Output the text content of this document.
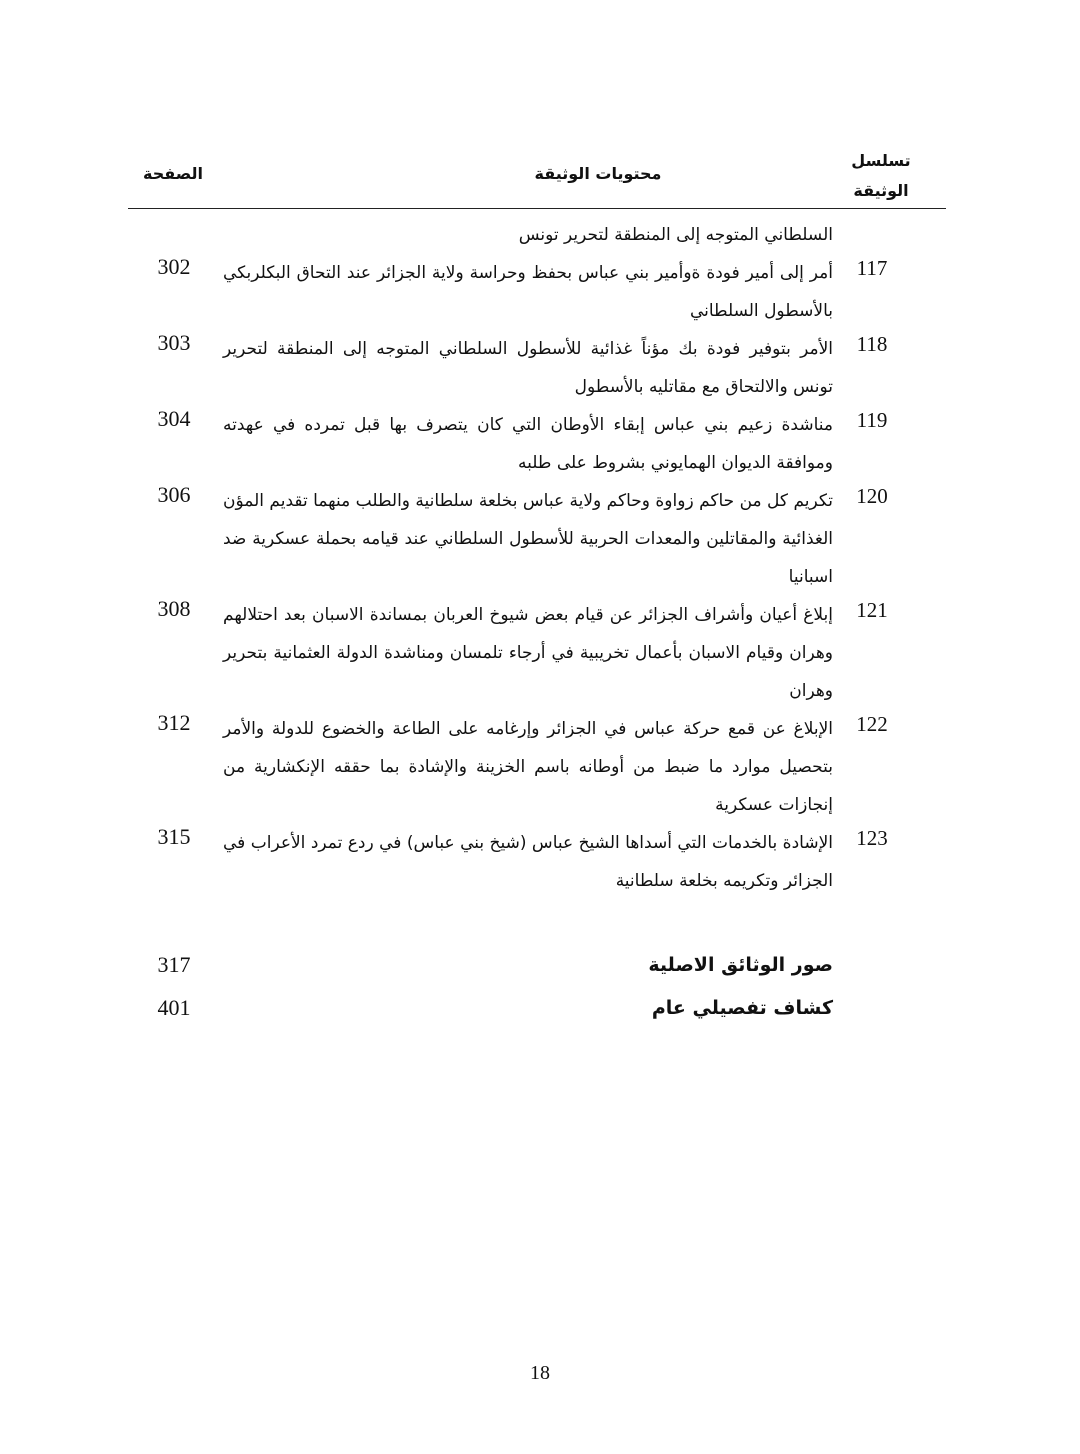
تسلسل الوثيقة
محتويات الوثيقة
الصفحة
السلطاني المتوجه إلى المنطقة لتحرير تونس
117
أمر إلى أمير فودة ةوأمير بني عباس بحفظ وحراسة ولاية الجزائر عند التحاق البكلربكي بالأسطول السلطاني
302
118
الأمر بتوفير فودة بك مؤناً غذائية للأسطول السلطاني المتوجه إلى المنطقة لتحرير تونس والالتحاق مع مقاتليه بالأسطول
303
119
مناشدة زعيم بني عباس إبقاء الأوطان التي كان يتصرف بها قبل تمرده في عهدته وموافقة الديوان الهمايوني بشروط على طلبه
304
120
تكريم كل من حاكم زواوة وحاكم ولاية عباس بخلعة سلطانية والطلب منهما تقديم المؤن الغذائية والمقاتلين والمعدات الحربية للأسطول السلطاني عند قيامه بحملة عسكرية ضد اسبانيا
306
121
إبلاغ أعيان وأشراف الجزائر عن قيام بعض شيوخ العربان بمساندة الاسبان بعد احتلالهم وهران وقيام الاسبان بأعمال تخريبية في أرجاء تلمسان ومناشدة الدولة العثمانية بتحرير وهران
308
122
الإبلاغ عن قمع حركة عباس في الجزائر وإرغامه على الطاعة والخضوع للدولة والأمر بتحصيل موارد ما ضبط من أوطانه باسم الخزينة والإشادة بما حققه الإنكشارية من إنجازات عسكرية
312
123
الإشادة بالخدمات التي أسداها الشيخ عباس (شيخ بني عباس) في ردع تمرد الأعراب في الجزائر وتكريمه بخلعة سلطانية
315
صور الوثائق الاصلية
317
كشاف تفصيلي عام
401
18
